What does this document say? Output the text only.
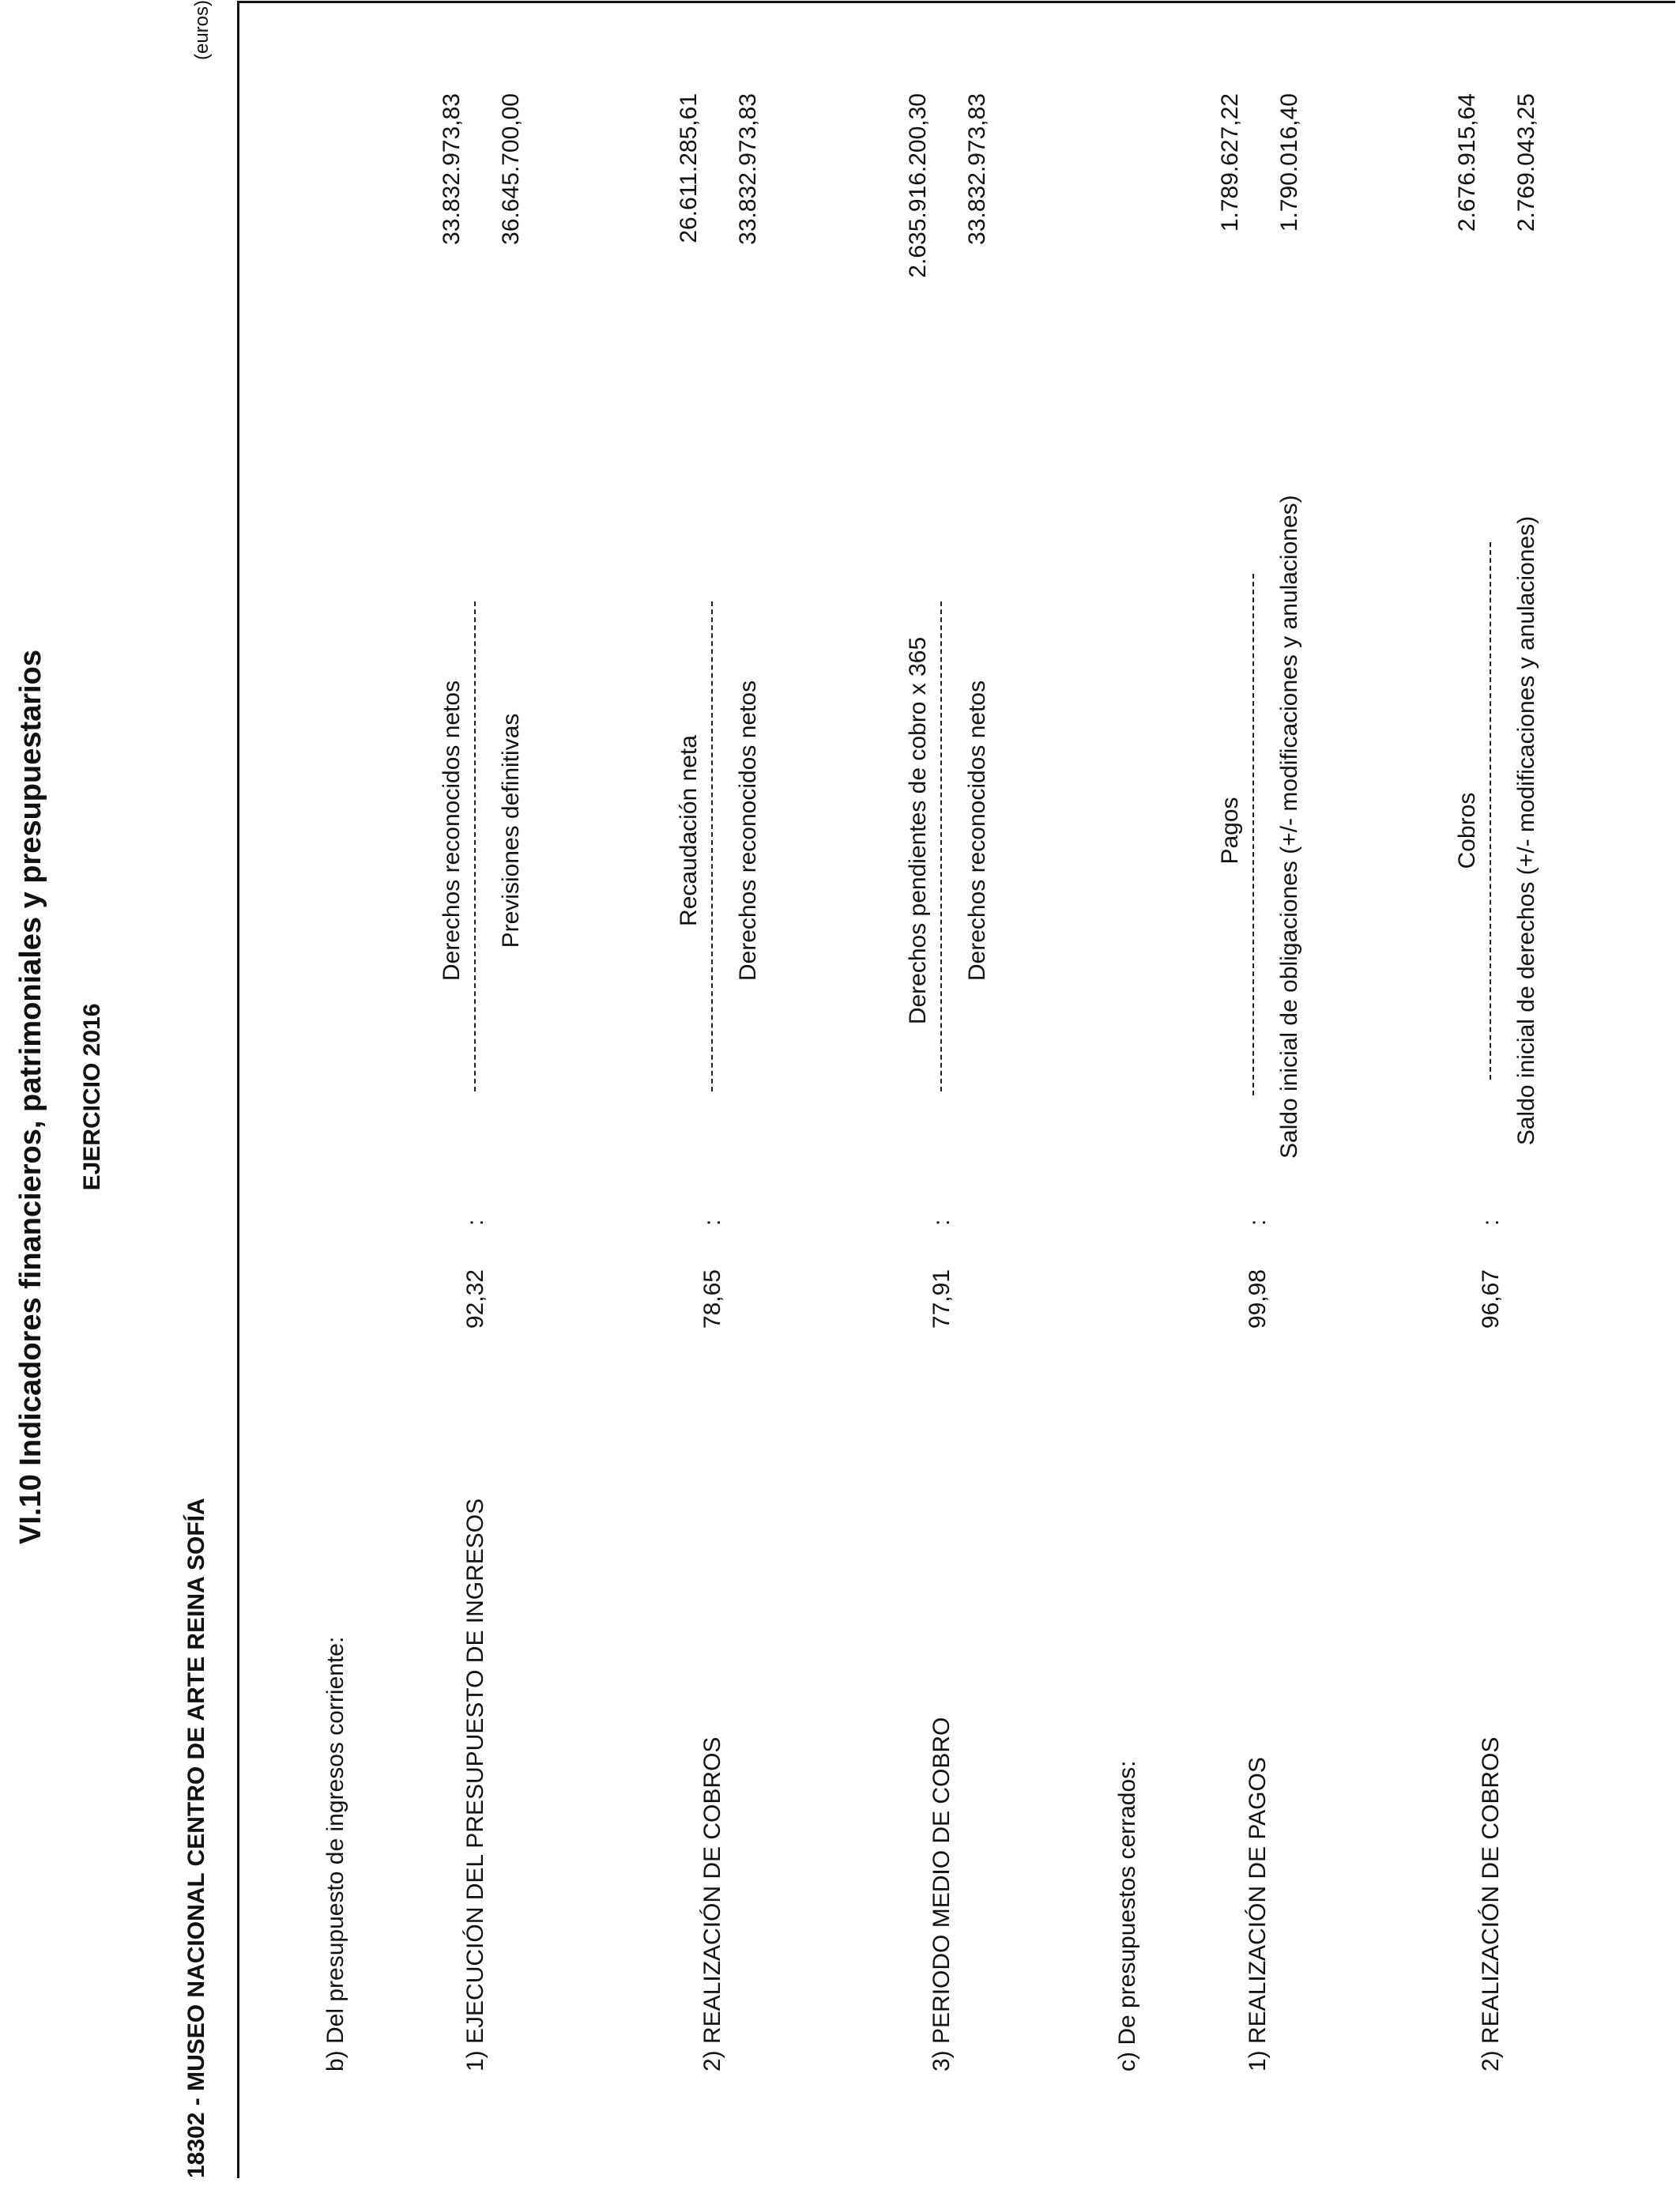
VI.10 Indicadores financieros, patrimoniales y presupuestarios EJERCICIO 2016
18302 - MUSEO NACIONAL CENTRO DE ARTE REINA SOFÍA
(euros)
b) Del presupuesto de ingresos corriente:	1) EJECUCIÓN DEL PRESUPUESTO DE INGRESOS
92,32
:
Derechos reconocidos netos Previsiones definitivas
33.832.973,83 36.645.700,00
2) REALIZACIÓN DE COBROS
78,65
:
Recaudación neta Derechos reconocidos netos
26.611.285,61 33.832.973,83
3) PERIODO MEDIO DE COBRO
77,91
:
Derechos pendientes de cobro x 365 Derechos reconocidos netos
2.635.916.200,30 33.832.973,83
c) De presupuestos cerrados:	1) REALIZACIÓN DE PAGOS
99,98
:
Pagos Saldo inicial de obligaciones (+/- modificaciones y anulaciones)
1.789.627,22 1.790.016,40
2) REALIZACIÓN DE COBROS
96,67
:
Cobros Saldo inicial de derechos (+/- modificaciones y anulaciones)
2.676.915,64 2.769.043,25
